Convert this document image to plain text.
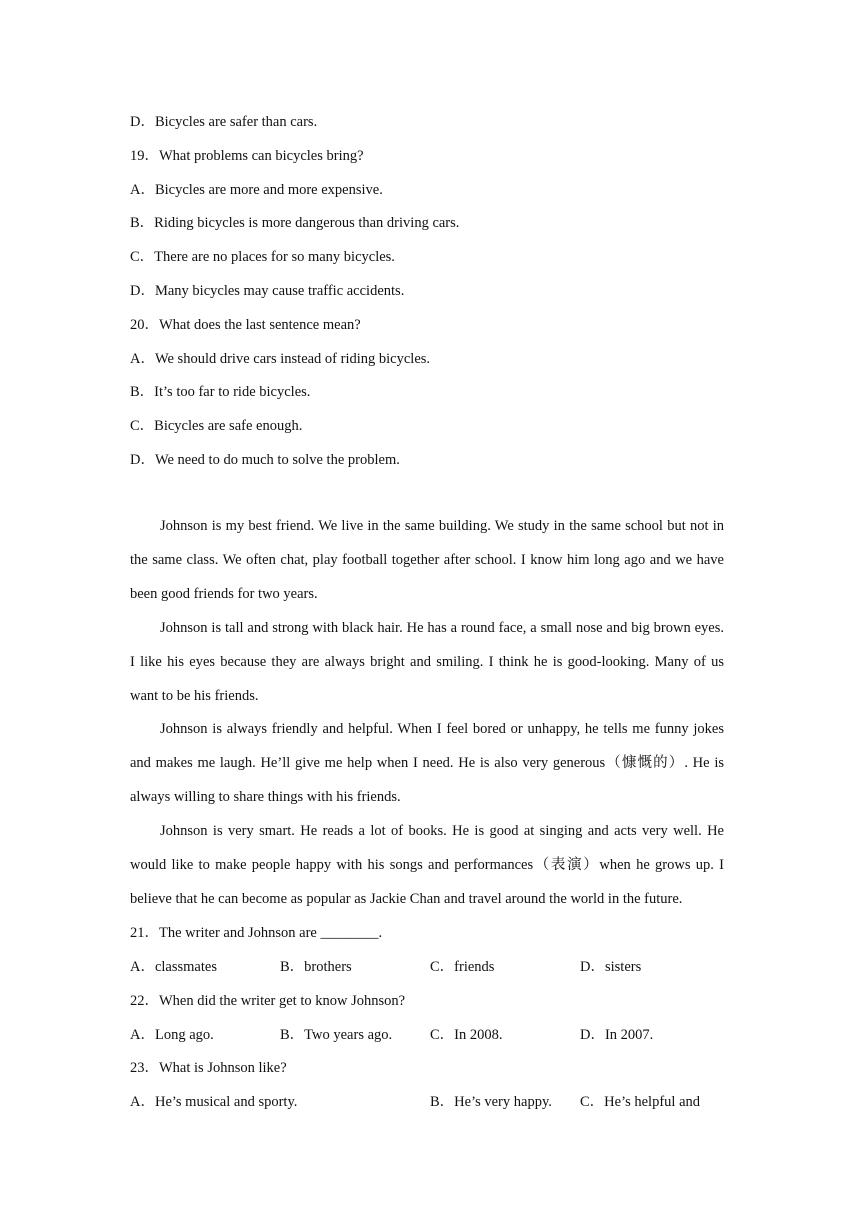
D．Bicycles are safer than cars.
19．What problems can bicycles bring?
A．Bicycles are more and more expensive.
B．Riding bicycles is more dangerous than driving cars.
C．There are no places for so many bicycles.
D．Many bicycles may cause traffic accidents.
20．What does the last sentence mean?
A．We should drive cars instead of riding bicycles.
B．It’s too far to ride bicycles.
C．Bicycles are safe enough.
D．We need to do much to solve the problem.

Johnson is my best friend. We live in the same building. We study in the same school but not in the same class. We often chat, play football together after school. I know him long ago and we have been good friends for two years.

Johnson is tall and strong with black hair. He has a round face, a small nose and big brown eyes. I like his eyes because they are always bright and smiling. I think he is good-looking. Many of us want to be his friends.

Johnson is always friendly and helpful. When I feel bored or unhappy, he tells me funny jokes and makes me laugh. He’ll give me help when I need. He is also very generous（慷慨的）. He is always willing to share things with his friends.

Johnson is very smart. He reads a lot of books. He is good at singing and acts very well. He would like to make people happy with his songs and performances（表演）when he grows up. I believe that he can become as popular as Jackie Chan and travel around the world in the future.

21．The writer and Johnson are ________.
A．classmates	B．brothers	C．friends	D．sisters
22．When did the writer get to know Johnson?
A．Long ago.	B．Two years ago.	C．In 2008.	D．In 2007.
23．What is Johnson like?
A．He’s musical and sporty.	B．He’s very happy. C．He’s helpful and
